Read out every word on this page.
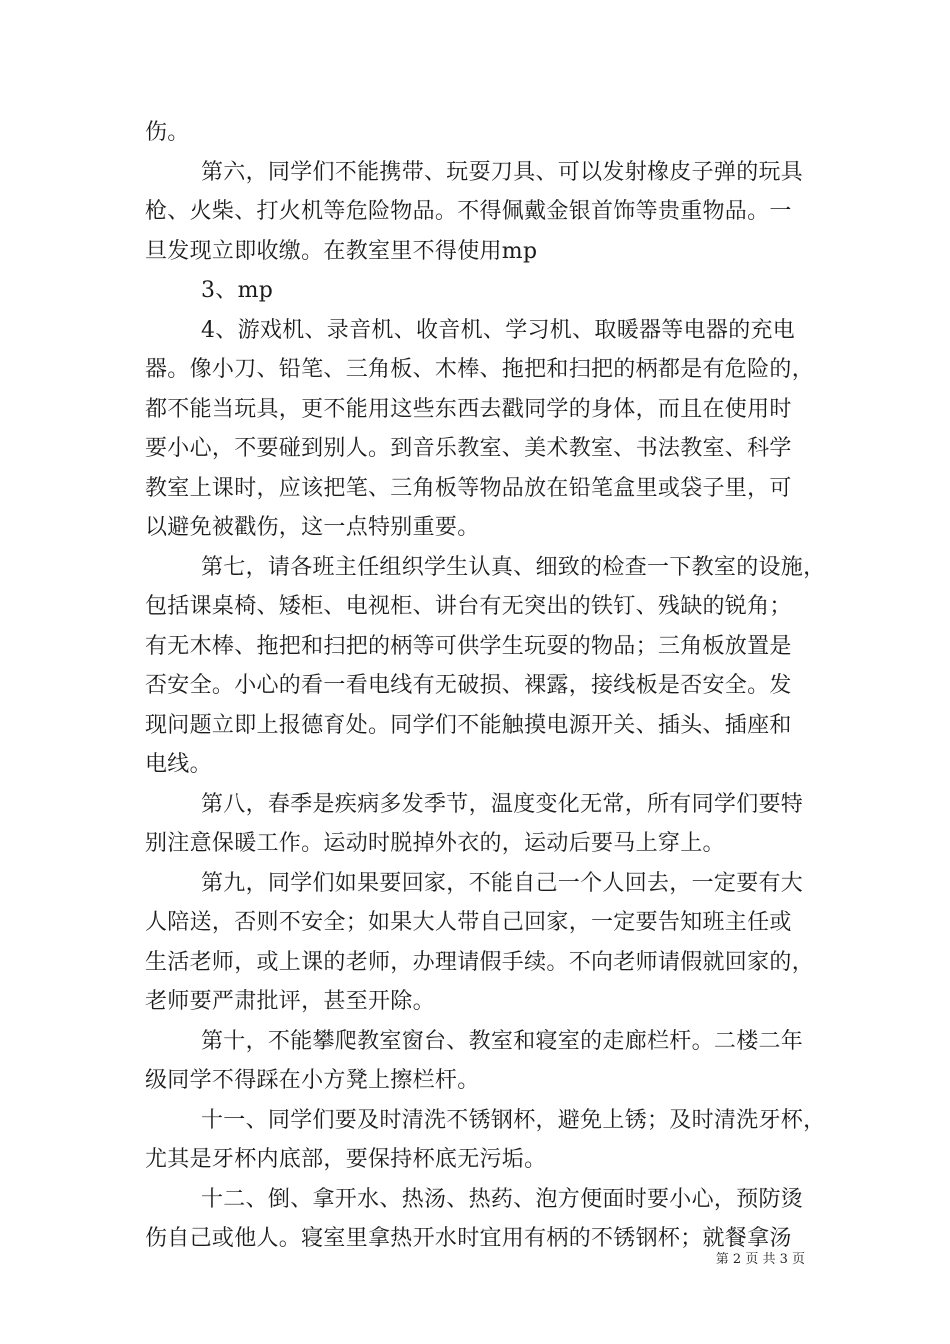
伤。
第六，同学们不能携带、玩耍刀具、可以发射橡皮子弹的玩具
枪、火柴、打火机等危险物品。不得佩戴金银首饰等贵重物品。一
旦发现立即收缴。在教室里不得使用mp
3、mp
4、游戏机、录音机、收音机、学习机、取暖器等电器的充电
器。像小刀、铅笔、三角板、木棒、拖把和扫把的柄都是有危险的，
都不能当玩具，更不能用这些东西去戳同学的身体，而且在使用时
要小心，不要碰到别人。到音乐教室、美术教室、书法教室、科学
教室上课时，应该把笔、三角板等物品放在铅笔盒里或袋子里，可
以避免被戳伤，这一点特别重要。
第七，请各班主任组织学生认真、细致的检查一下教室的设施，
包括课桌椅、矮柜、电视柜、讲台有无突出的铁钉、残缺的锐角；
有无木棒、拖把和扫把的柄等可供学生玩耍的物品；三角板放置是
否安全。小心的看一看电线有无破损、裸露，接线板是否安全。发
现问题立即上报德育处。同学们不能触摸电源开关、插头、插座和
电线。
第八，春季是疾病多发季节，温度变化无常，所有同学们要特
别注意保暖工作。运动时脱掉外衣的，运动后要马上穿上。
第九，同学们如果要回家，不能自己一个人回去，一定要有大
人陪送，否则不安全；如果大人带自己回家，一定要告知班主任或
生活老师，或上课的老师，办理请假手续。不向老师请假就回家的，
老师要严肃批评，甚至开除。
第十，不能攀爬教室窗台、教室和寝室的走廊栏杆。二楼二年
级同学不得踩在小方凳上擦栏杆。
十一、同学们要及时清洗不锈钢杯，避免上锈；及时清洗牙杯，
尤其是牙杯内底部，要保持杯底无污垢。
十二、倒、拿开水、热汤、热药、泡方便面时要小心，预防烫
伤自己或他人。寝室里拿热开水时宜用有柄的不锈钢杯；就餐拿汤
第 2 页 共 3 页
